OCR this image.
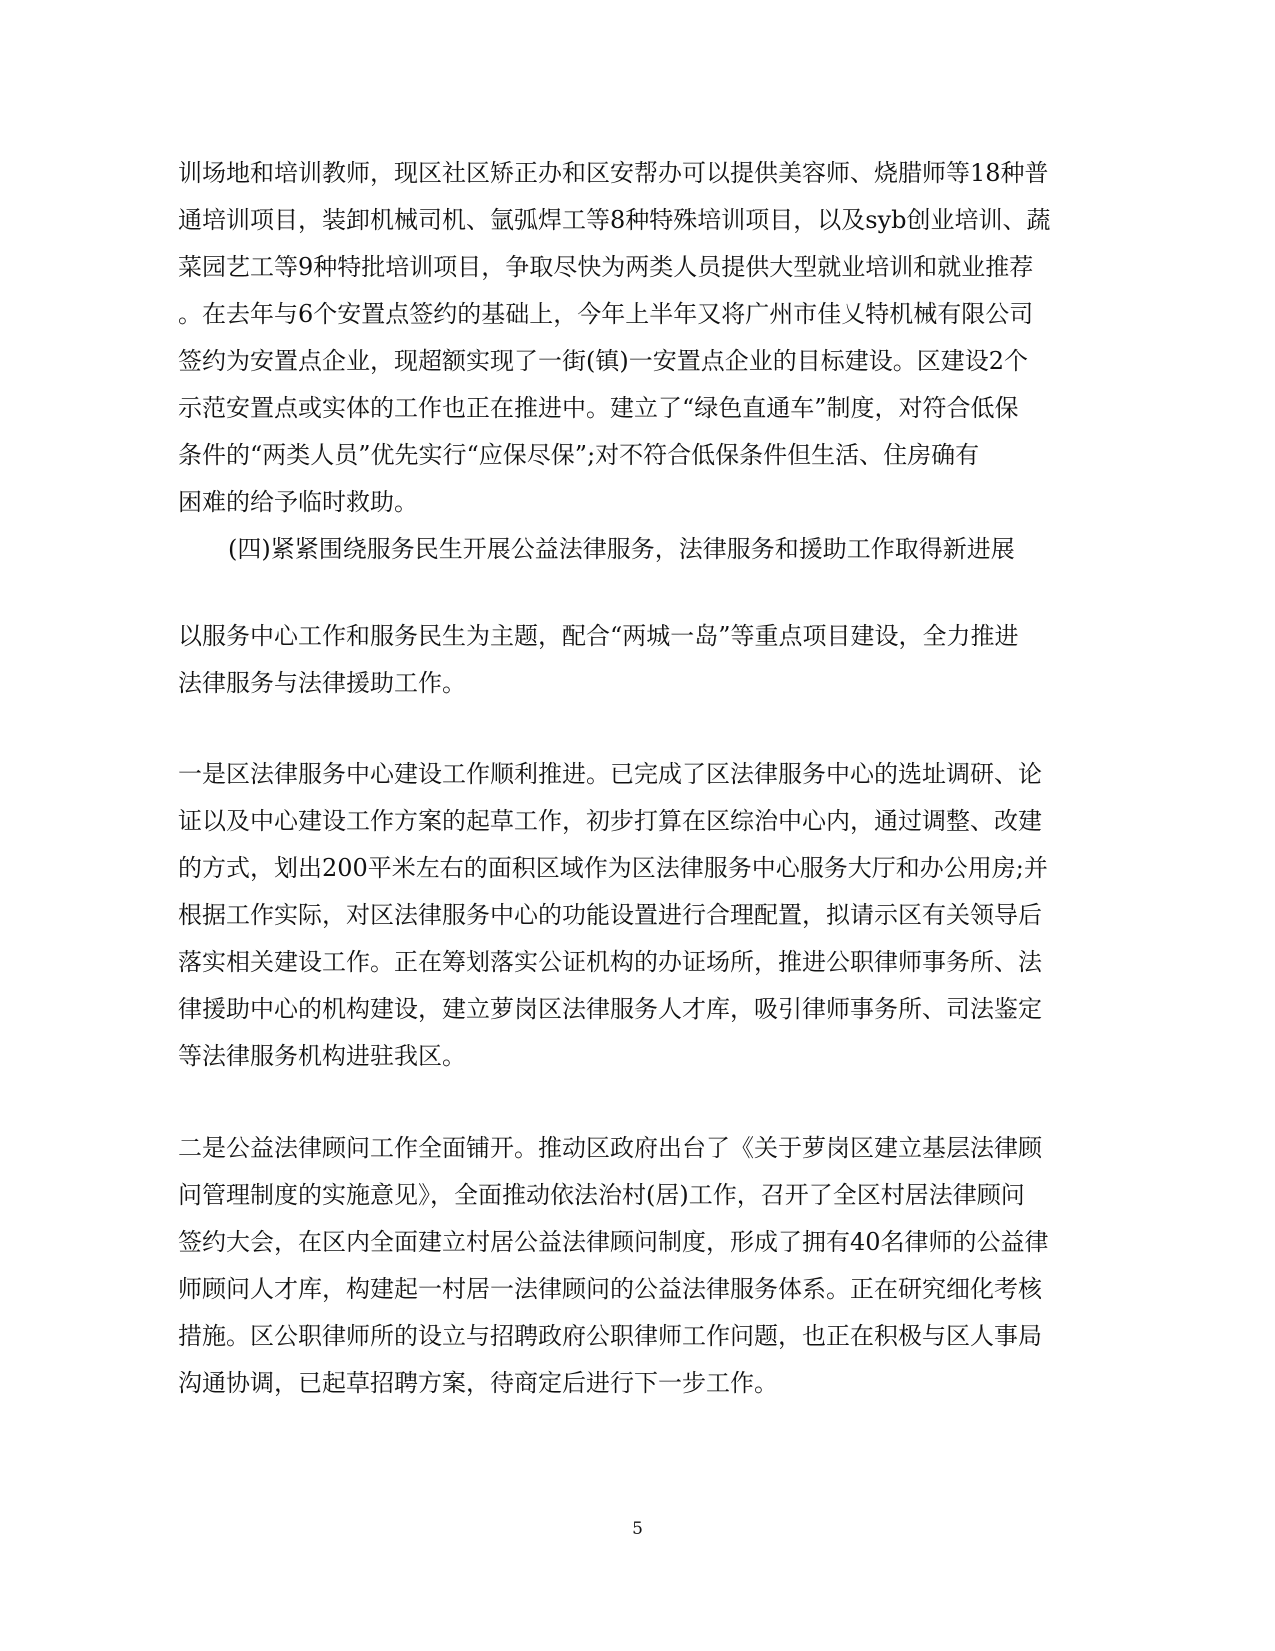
训场地和培训教师，现区社区矫正办和区安帮办可以提供美容师、烧腊师等18种普
通培训项目，装卸机械司机、氩弧焊工等8种特殊培训项目，以及syb创业培训、蔬
菜园艺工等9种特批培训项目，争取尽快为两类人员提供大型就业培训和就业推荐
。在去年与6个安置点签约的基础上，今年上半年又将广州市佳乂特机械有限公司
签约为安置点企业，现超额实现了一街(镇)一安置点企业的目标建设。区建设2个
示范安置点或实体的工作也正在推进中。建立了“绿色直通车”制度，对符合低保
条件的“两类人员”优先实行“应保尽保”;对不符合低保条件但生活、住房确有
困难的给予临时救助。
(四)紧紧围绕服务民生开展公益法律服务，法律服务和援助工作取得新进展
以服务中心工作和服务民生为主题，配合“两城一岛”等重点项目建设，全力推进
法律服务与法律援助工作。
一是区法律服务中心建设工作顺利推进。已完成了区法律服务中心的选址调研、论
证以及中心建设工作方案的起草工作，初步打算在区综治中心内，通过调整、改建
的方式，划出200平米左右的面积区域作为区法律服务中心服务大厅和办公用房;并
根据工作实际，对区法律服务中心的功能设置进行合理配置，拟请示区有关领导后
落实相关建设工作。正在筹划落实公证机构的办证场所，推进公职律师事务所、法
律援助中心的机构建设，建立萝岗区法律服务人才库，吸引律师事务所、司法鉴定
等法律服务机构进驻我区。
二是公益法律顾问工作全面铺开。推动区政府出台了《关于萝岗区建立基层法律顾
问管理制度的实施意见》，全面推动依法治村(居)工作，召开了全区村居法律顾问
签约大会，在区内全面建立村居公益法律顾问制度，形成了拥有40名律师的公益律
师顾问人才库，构建起一村居一法律顾问的公益法律服务体系。正在研究细化考核
措施。区公职律师所的设立与招聘政府公职律师工作问题，也正在积极与区人事局
沟通协调，已起草招聘方案，待商定后进行下一步工作。
5
